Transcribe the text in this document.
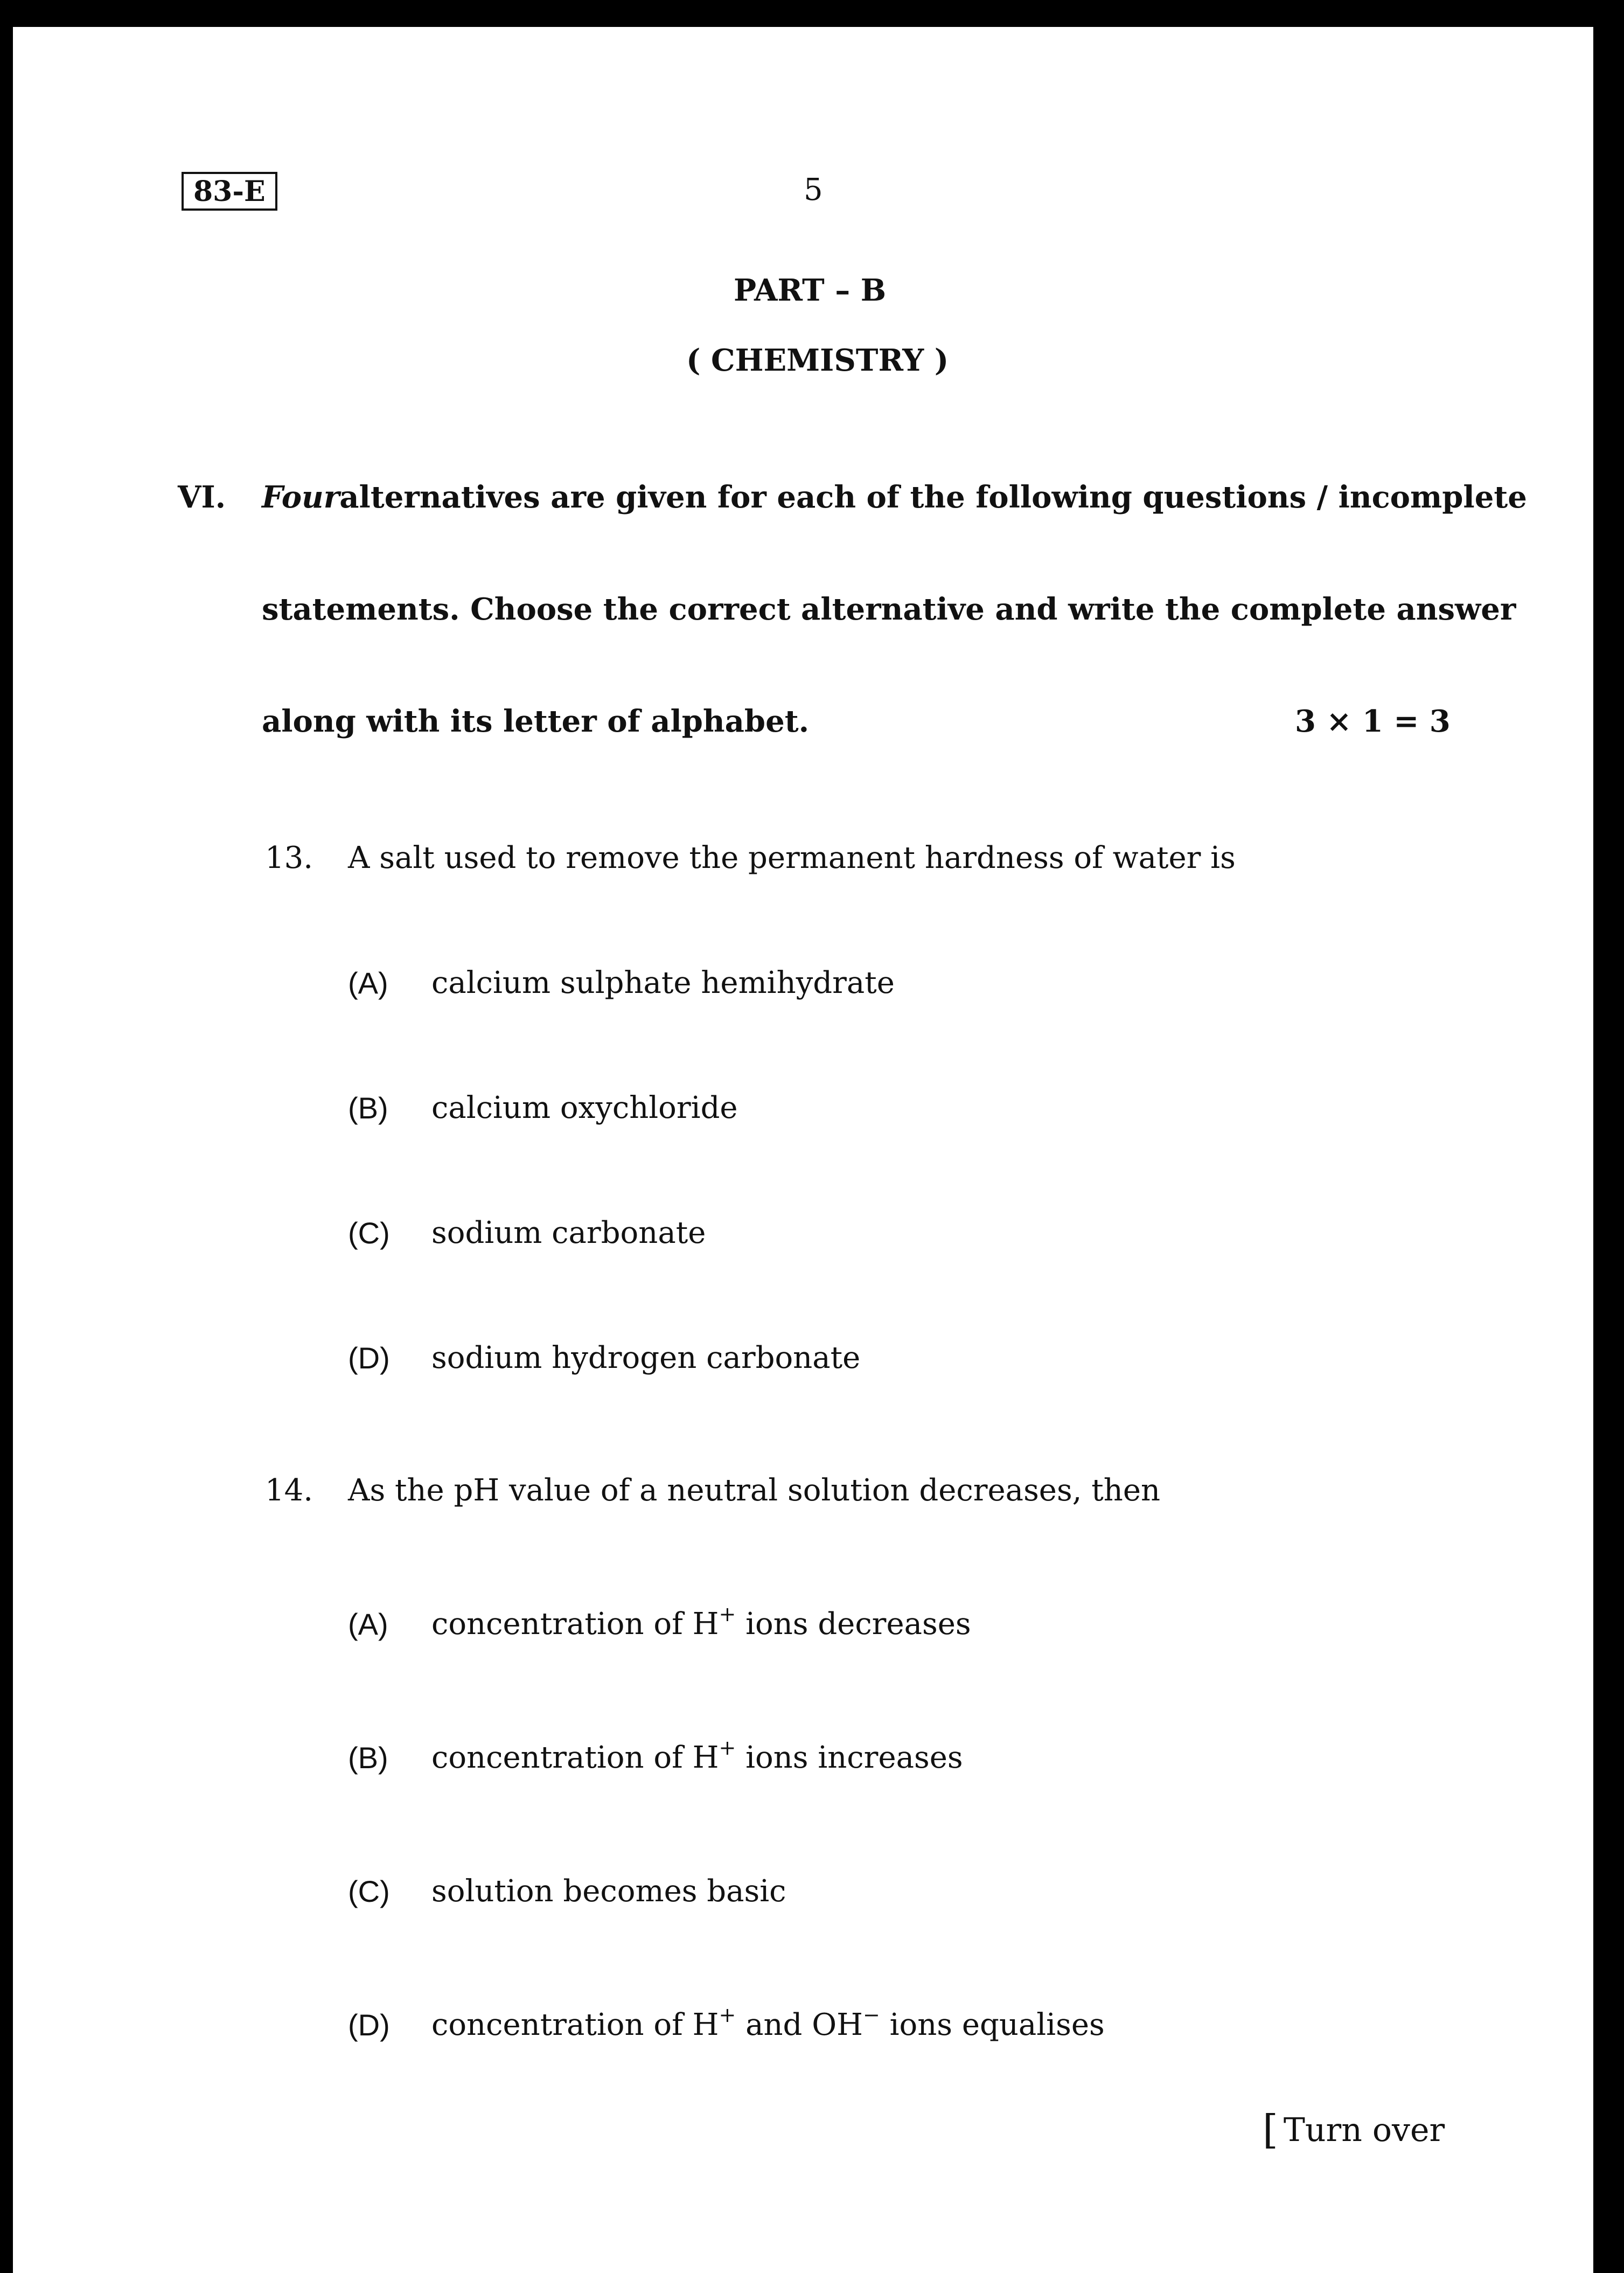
83-E	5
PART – B
( CHEMISTRY )
VI. Four alternatives are given for each of the following questions / incomplete
statements. Choose the correct alternative and write the complete answer
along with its letter of alphabet.	3 × 1 = 3
13. A salt used to remove the permanent hardness of water is
(A) calcium sulphate hemihydrate
(B) calcium oxychloride
(C) sodium carbonate
(D) sodium hydrogen carbonate
14. As the pH value of a neutral solution decreases, then
(A) concentration of H+ ions decreases
(B) concentration of H+ ions increases
(C) solution becomes basic
(D) concentration of H+ and OH− ions equalises
[ Turn over
